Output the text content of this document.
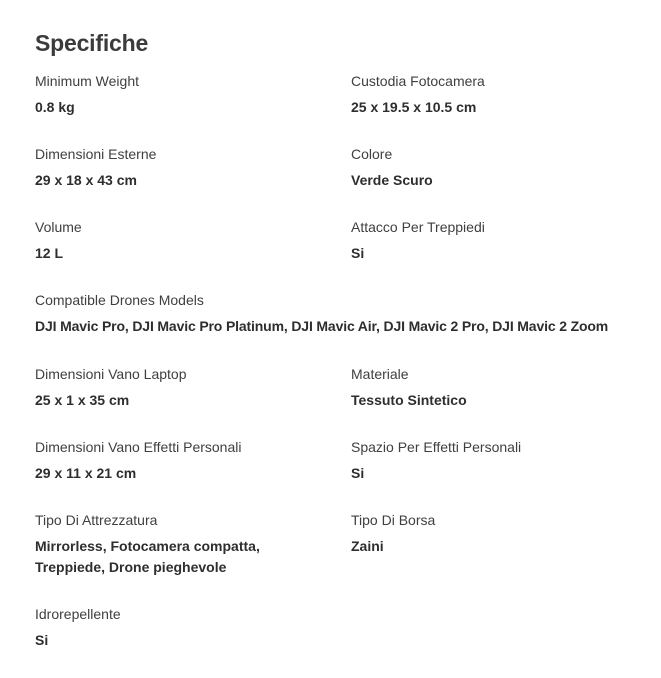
Specifiche
Minimum Weight
0.8 kg
Custodia Fotocamera
25 x 19.5 x 10.5 cm
Dimensioni Esterne
29 x 18 x 43 cm
Colore
Verde Scuro
Volume
12 L
Attacco Per Treppiedi
Si
Compatible Drones Models
DJI Mavic Pro, DJI Mavic Pro Platinum, DJI Mavic Air, DJI Mavic 2 Pro, DJI Mavic 2 Zoom
Dimensioni Vano Laptop
25 x 1 x 35 cm
Materiale
Tessuto Sintetico
Dimensioni Vano Effetti Personali
29 x 11 x 21 cm
Spazio Per Effetti Personali
Si
Tipo Di Attrezzatura
Mirrorless, Fotocamera compatta, Treppiede, Drone pieghevole
Tipo Di Borsa
Zaini
Idrorepellente
Si
